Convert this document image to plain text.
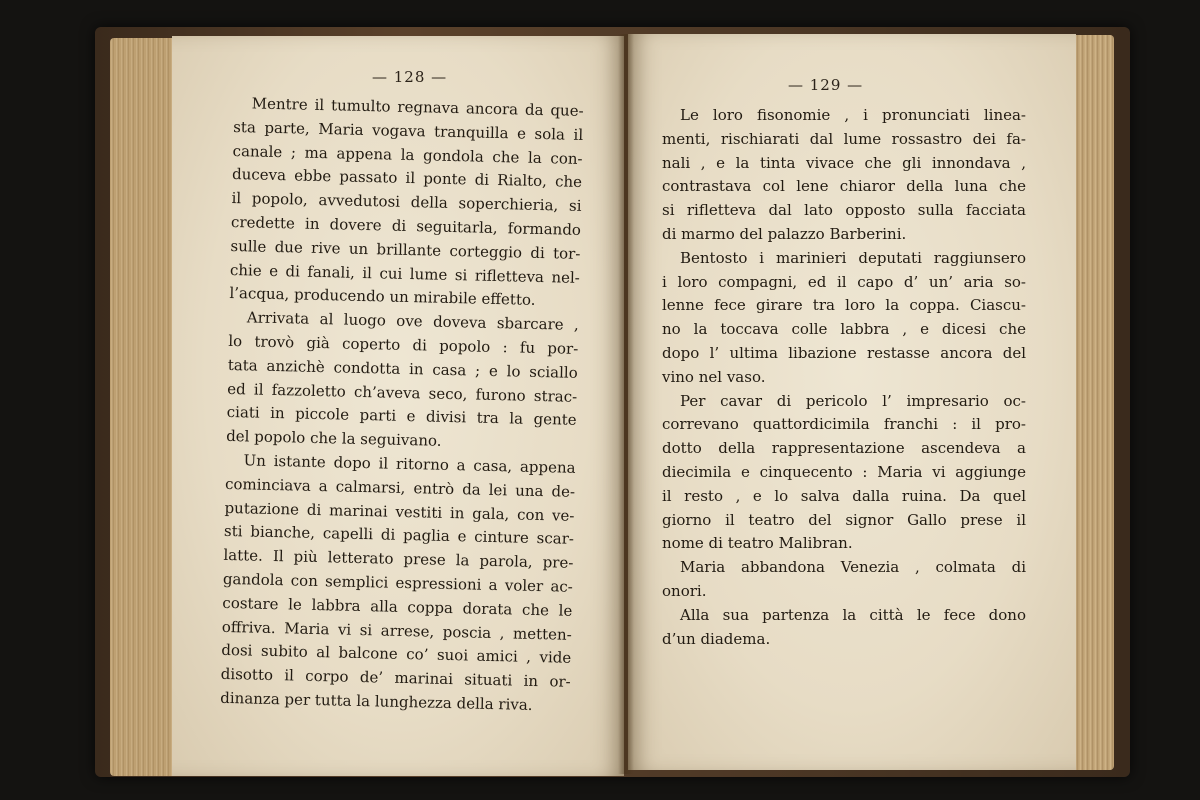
— 128 —
Mentre il tumulto regnava ancora da que-
sta parte, Maria vogava tranquilla e sola il
canale ; ma appena la gondola che la con-
duceva ebbe passato il ponte di Rialto, che
il popolo, avvedutosi della soperchieria, si
credette in dovere di seguitarla, formando
sulle due rive un brillante corteggio di tor-
chie e di fanali, il cui lume si rifletteva nel-
l’acqua, producendo un mirabile effetto.
Arrivata al luogo ove doveva sbarcare ,
lo trovò già coperto di popolo : fu por-
tata anzichè condotta in casa ; e lo sciallo
ed il fazzoletto ch’aveva seco, furono strac-
ciati in piccole parti e divisi tra la gente
del popolo che la seguivano.
Un istante dopo il ritorno a casa, appena
cominciava a calmarsi, entrò da lei una de-
putazione di marinai vestiti in gala, con ve-
sti bianche, capelli di paglia e cinture scar-
latte. Il più letterato prese la parola, pre-
gandola con semplici espressioni a voler ac-
costare le labbra alla coppa dorata che le
offriva. Maria vi si arrese, poscia , metten-
dosi subito al balcone co’ suoi amici , vide
disotto il corpo de’ marinai situati in or-
dinanza per tutta la lunghezza della riva.
— 129 —
Le loro fisonomie , i pronunciati linea-
menti, rischiarati dal lume rossastro dei fa-
nali , e la tinta vivace che gli innondava ,
contrastava col lene chiaror della luna che
si rifletteva dal lato opposto sulla facciata
di marmo del palazzo Barberini.
Bentosto i marinieri deputati raggiunsero
i loro compagni, ed il capo d’ un’ aria so-
lenne fece girare tra loro la coppa. Ciascu-
no la toccava colle labbra , e dicesi che
dopo l’ ultima libazione restasse ancora del
vino nel vaso.
Per cavar di pericolo l’ impresario oc-
correvano quattordicimila franchi : il pro-
dotto della rappresentazione ascendeva a
diecimila e cinquecento : Maria vi aggiunge
il resto , e lo salva dalla ruina. Da quel
giorno il teatro del signor Gallo prese il
nome di teatro Malibran.
Maria abbandona Venezia , colmata di
onori.
Alla sua partenza la città le fece dono
d’un diadema.
